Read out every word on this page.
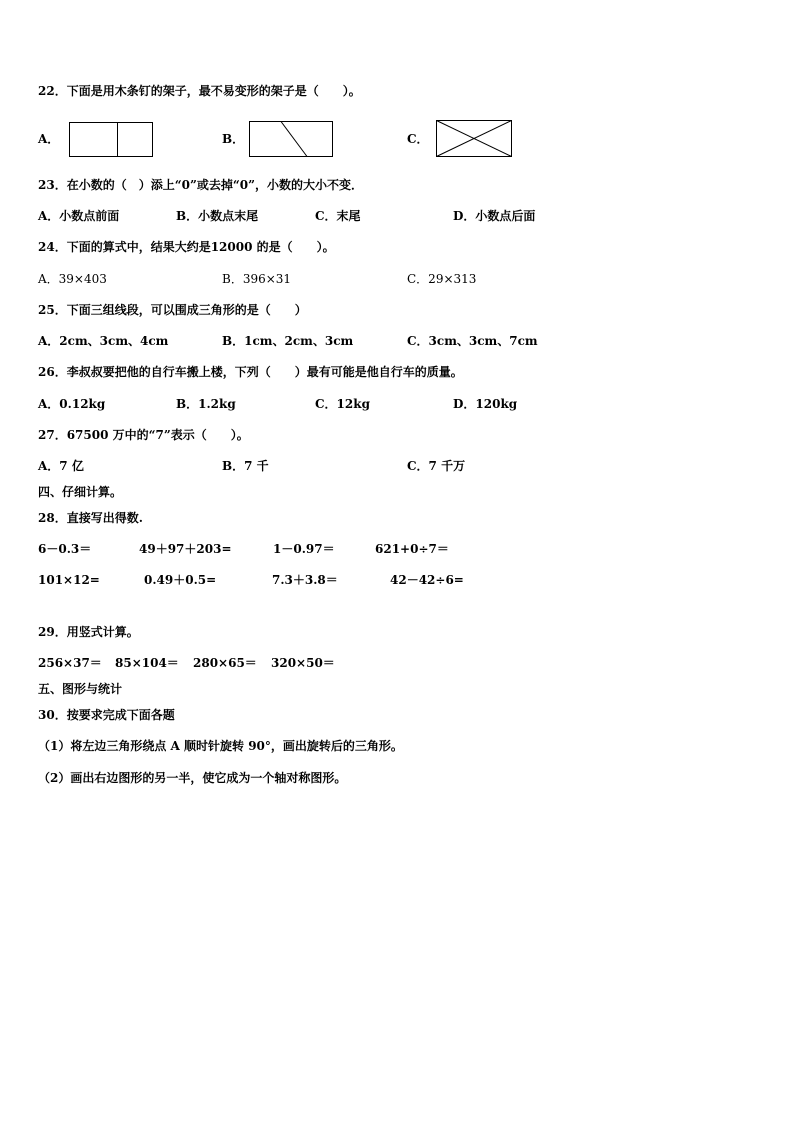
22．下面是用木条钉的架子，最不易变形的架子是（　　）。
A．	B．	C．
23．在小数的（　）添上“0”或去掉“0”，小数的大小不变．
A．小数点前面	B．小数点末尾	C．末尾	D．小数点后面
24．下面的算式中，结果大约是12000 的是（　　）。
A．39×403	B．396×31	C．29×313
25．下面三组线段，可以围成三角形的是（　　）
A．2cm、3cm、4cm	B．1cm、2cm、3cm	C．3cm、3cm、7cm
26．李叔叔要把他的自行车搬上楼，下列（　　）最有可能是他自行车的质量。
A．0.12kg	B．1.2kg	C．12kg	D．120kg
27．67500 万中的“7”表示（　　）。
A．7 亿	B．7 千	C．7 千万
四、仔细计算。
28．直接写出得数.
6－0.3＝	49＋97＋203=	1－0.97＝	621+0÷7＝
101×12=	0.49＋0.5=	7.3＋3.8＝	42－42÷6=
29．用竖式计算。
256×37＝ 85×104＝ 280×65＝ 320×50＝
五、图形与统计
30．按要求完成下面各题
（1）将左边三角形绕点 A 顺时针旋转 90°，画出旋转后的三角形。
（2）画出右边图形的另一半，使它成为一个轴对称图形。
